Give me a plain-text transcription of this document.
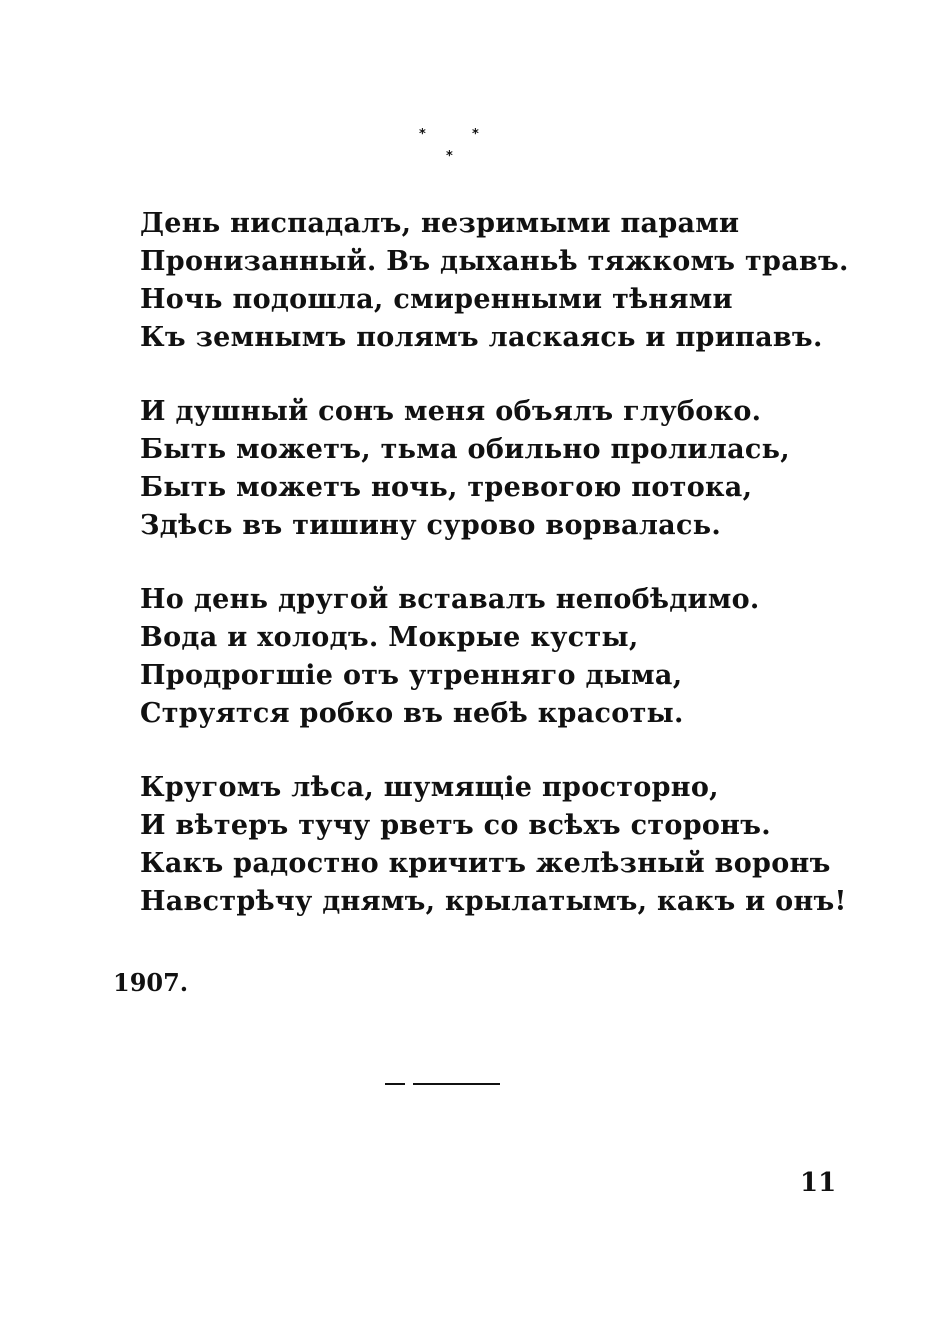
*	*
*
День ниспадалъ, незримыми парами
Пронизанный. Въ дыханьѣ тяжкомъ травъ.
Ночь подошла, смиренными тѣнями
Къ земнымъ полямъ ласкаясь и припавъ.
И душный сонъ меня объялъ глубоко.
Быть можетъ, тьма обильно пролилась,
Быть можетъ ночь, тревогою потока,
Здѣсь въ тишину сурово ворвалась.
Но день другой вставалъ непобѣдимо.
Вода и холодъ. Мокрые кусты,
Продрогшіе отъ утренняго дыма,
Струятся робко въ небѣ красоты.
Кругомъ лѣса, шумящіе просторно,
И вѣтеръ тучу рветъ со всѣхъ сторонъ.
Какъ радостно кричитъ желѣзный воронъ
Навстрѣчу днямъ, крылатымъ, какъ и онъ!
1907.
11
